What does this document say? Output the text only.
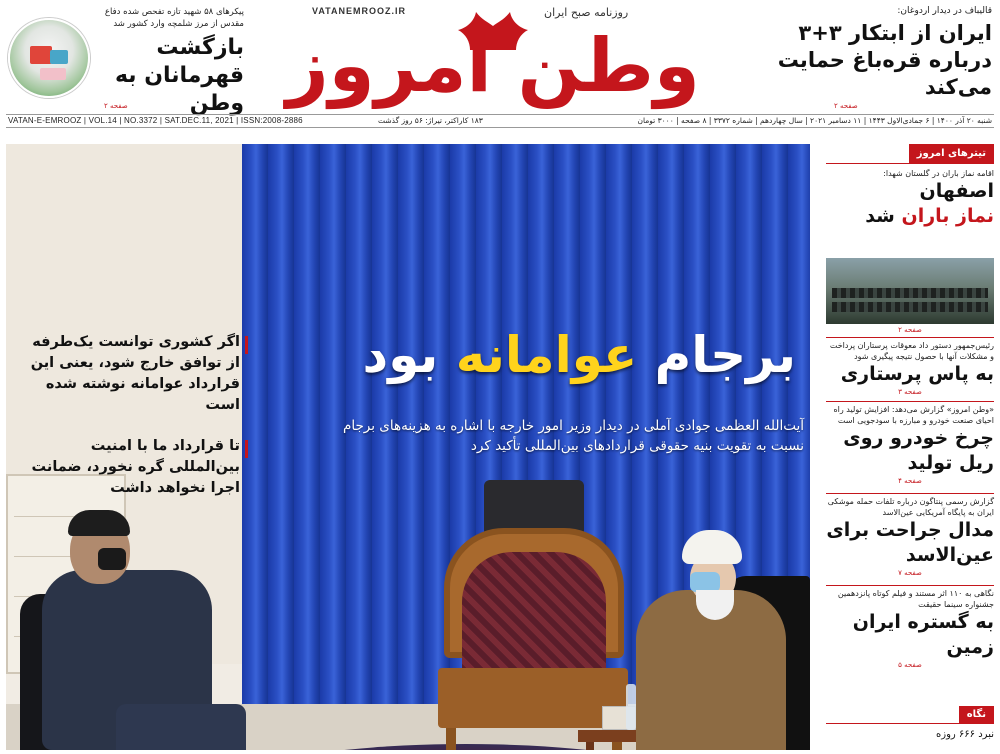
پیکرهای ۵۸ شهید تازه تفحص شده دفاع مقدس از مرز شلمچه وارد کشور شد
بازگشت قهرمانان به وطن
صفحه ۲
VATANEMROOZ.IR	روزنامه صبح ایران
وطن امروز
قالیباف در دیدار اردوغان:
ایران از ابتکار ۳+۳ درباره قره‌باغ حمایت می‌کند
صفحه ۲
VATAN-E-EMROOZ | VOL.14 | NO.3372 | SAT.DEC.11, 2021 | ISSN:2008-2886	۱۸۳ کاراکتر، تیراژ: ۵۶ روز گذشت	شنبه ۲۰ آذر ۱۴۰۰ | ۶ جمادی‌الاول ۱۴۴۳ | ۱۱ دسامبر ۲۰۲۱ | سال چهاردهم | شماره ۳۳۷۲ | ۸ صفحه | ۳۰۰۰ تومان
برجام عوامانه بود
آیت‌الله العظمی جوادی آملی در دیدار وزیر امور خارجه با اشاره به هزینه‌های برجام نسبت به تقویت بنیه حقوقی قراردادهای بین‌المللی تأکید کرد
اگر کشوری توانست یک‌طرفه از توافق خارج شود، یعنی این قرارداد عوامانه نوشته شده است
تا قرارداد ما با امنیت بین‌المللی گره نخورد، ضمانت اجرا نخواهد داشت
تیترهای امروز
اقامه نماز باران در گلستان شهدا:
اصفهان
نماز باران شد
صفحه ۲
رئیس‌جمهور دستور داد معوقات پرستاران پرداخت و مشکلات آنها با حصول نتیجه پیگیری شود
به پاس پرستاری
صفحه ۳
«وطن امروز» گزارش می‌دهد: افزایش تولید راه احیای صنعت خودرو و مبارزه با سودجویی است
چرخ خودرو روی ریل تولید
صفحه ۴
گزارش رسمی پنتاگون درباره تلفات حمله موشکی ایران به پایگاه آمریکایی عین‌الاسد
مدال جراحت برای عین‌الاسد
صفحه ۷
نگاهی به ۱۱۰ اثر مستند و فیلم کوتاه پانزدهمین جشنواره سینما حقیقت
به گستره ایران زمین
صفحه ۵
نگاه
نبرد ۶۶۶ روزه
